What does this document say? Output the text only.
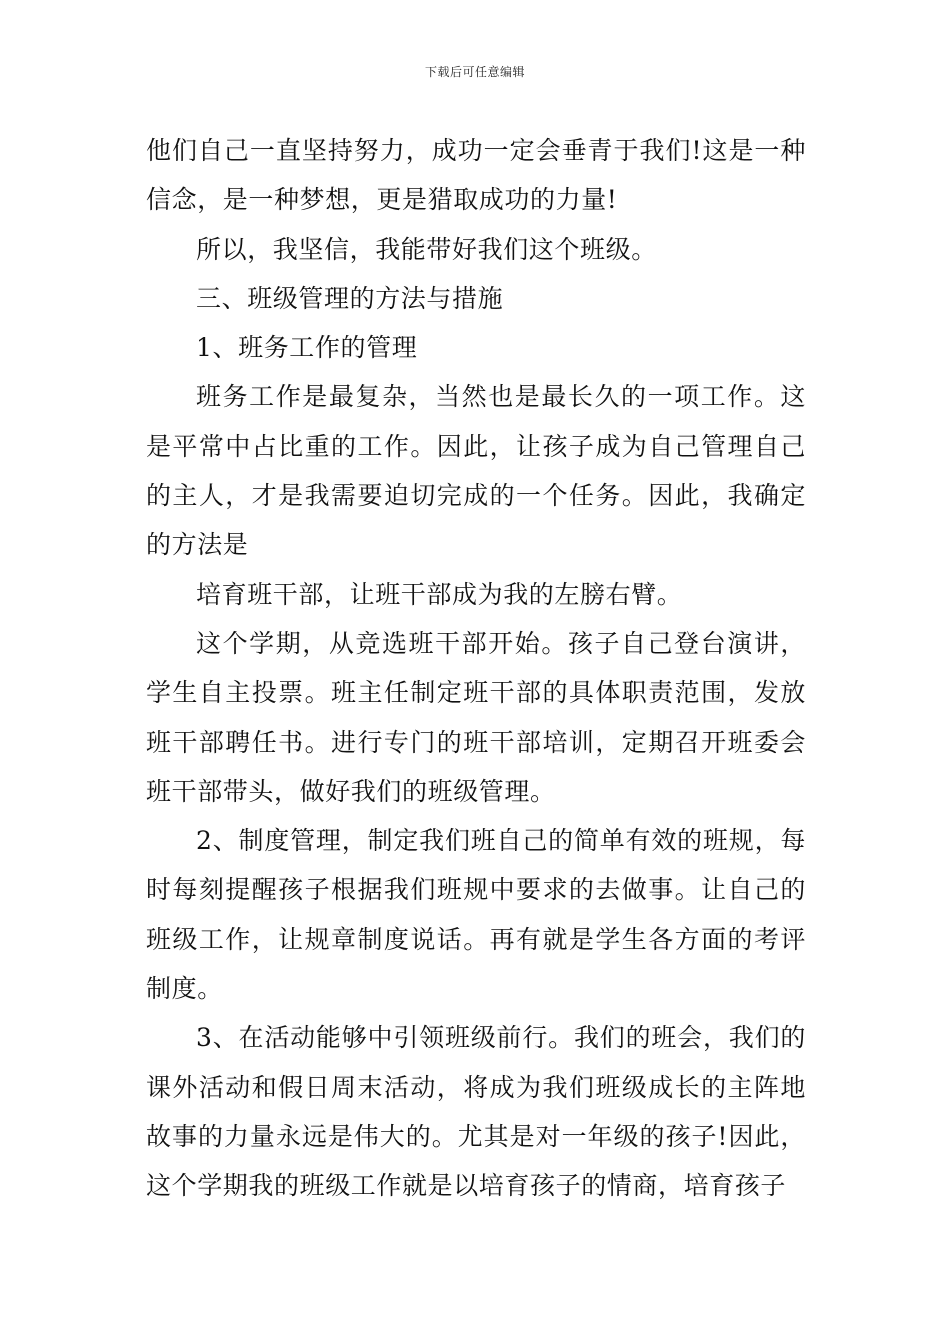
下载后可任意编辑

他们自己一直坚持努力，成功一定会垂青于我们!这是一种信念，是一种梦想，更是猎取成功的力量!

所以，我坚信，我能带好我们这个班级。

三、班级管理的方法与措施

1、班务工作的管理

班务工作是最复杂，当然也是最长久的一项工作。这是平常中占比重的工作。因此，让孩子成为自己管理自己的主人，才是我需要迫切完成的一个任务。因此，我确定的方法是

培育班干部，让班干部成为我的左膀右臂。

这个学期，从竞选班干部开始。孩子自己登台演讲，学生自主投票。班主任制定班干部的具体职责范围，发放班干部聘任书。进行专门的班干部培训，定期召开班委会班干部带头，做好我们的班级管理。

2、制度管理，制定我们班自己的简单有效的班规，每时每刻提醒孩子根据我们班规中要求的去做事。让自己的班级工作，让规章制度说话。再有就是学生各方面的考评制度。

3、在活动能够中引领班级前行。我们的班会，我们的课外活动和假日周末活动，将成为我们班级成长的主阵地故事的力量永远是伟大的。尤其是对一年级的孩子!因此，这个学期我的班级工作就是以培育孩子的情商，培育孩子
